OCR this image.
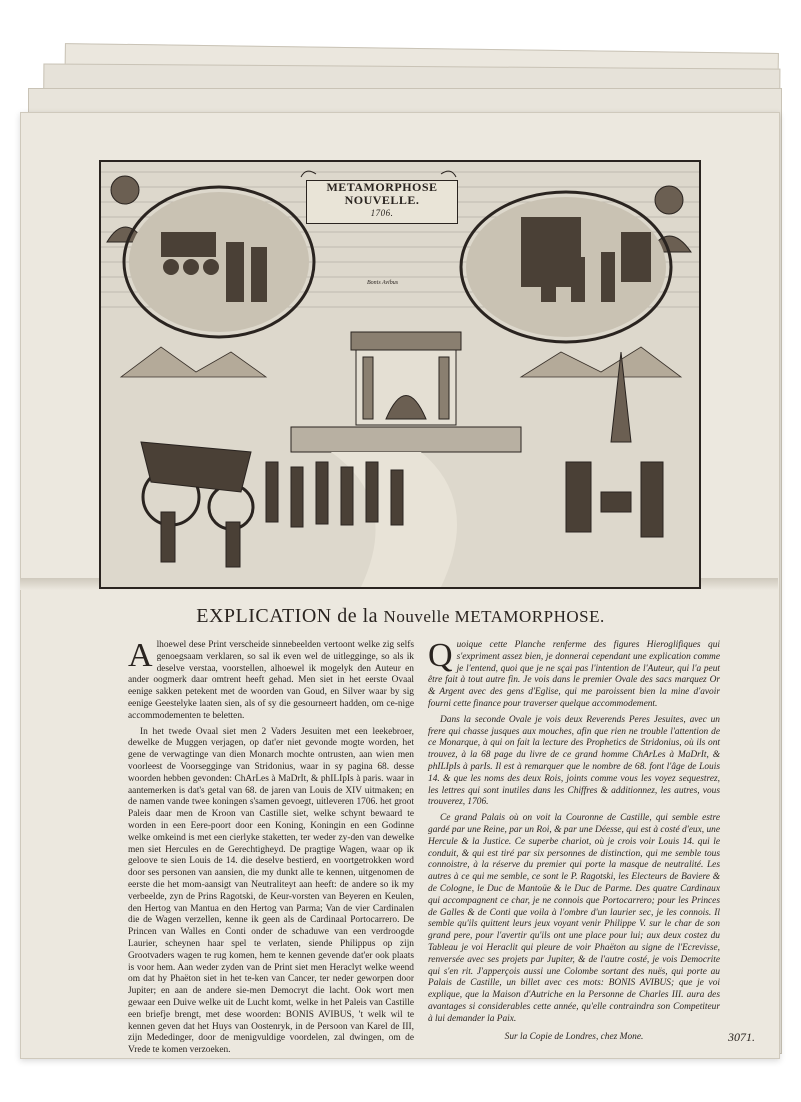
METAMORPHOSE
NOUVELLE.
1706.
Bonis Avibus
EXPLICATION de la Nouvelle METAMORPHOSE.

Alhoewel dese Print verscheide sinnebeelden vertoont welke zig selfs genoegsaam verklaren, so sal ik even wel de uitlegginge, so als ik deselve verstaa, voorstellen, alhoewel ik mogelyk den Auteur en ander oogmerk daar omtrent heeft gehad. Men siet in het eerste Ovaal eenige sakken petekent met de woorden van Goud, en Silver waar by sig eenige Geestelyke laaten sien, als of sy die gesourneert hadden, om ce-nige accommodementen te beletten.

In het twede Ovaal siet men 2 Vaders Jesuiten met een leekebroer, dewelke de Muggen verjagen, op dat'er niet gevonde mogte worden, het gene de verwagtinge van dien Monarch mochte ontrusten, aan wien men voorleest de Voorsegginge van Stridonius, waar in sy pagina 68. desse woorden hebben gevonden: ChArLes à MaDrIt, & phILIpIs à paris. waar in aantemerken is dat's getal van 68. de jaren van Louis de XIV uitmaken; en de namen vande twee koningen s'samen gevoegt, uitleveren 1706. het groot Paleis daar men de Kroon van Castille siet, welke schynt bewaard te worden in een Eere-poort door een Koning, Koningin en een Godinne welke omkeind is met een cierlyke staketten, ter weder zy-den van dewelke men siet Hercules en de Gerechtigheyd. De pragtige Wagen, waar op ik geloove te sien Louis de 14. die deselve bestierd, en voortgetrokken word door ses personen van aansien, die my dunkt alle te kennen, uitgenomen de eerste die het mom-aansigt van Neutraliteyt aan heeft: de andere so ik my verbeelde, zyn de Prins Ragotski, de Keur-vorsten van Beyeren en Keulen, den Hertog van Mantua en den Hertog van Parma; Van de vier Cardinalen die de Wagen verzellen, kenne ik geen als de Cardinaal Portocarrero. De Princen van Walles en Conti onder de schaduwe van een verdroogde Laurier, scheynen haar spel te verlaten, siende Philippus op zijn Grootvaders wagen te rug komen, hem te kennen gevende dat'er ook plaats is voor hem. Aan weder zyden van de Print siet men Heraclyt welke weend om dat hy Phaëton siet in het te-ken van Cancer, ter neder geworpen door Jupiter; en aan de andere sie-men Democryt die lacht. Ook wort men gewaar een Duive welke uit de Lucht komt, welke in het Paleis van Castille een briefje brengt, met dese woorden: BONIS AVIBUS, 't welk wil te kennen geven dat het Huys van Oostenryk, in de Persoon van Karel de III, zijn Mededinger, door de menigvuldige voordelen, zal dwingen, om de Vrede te komen verzoeken.

Quoique cette Planche renferme des figures Hieroglifiques qui s'expriment assez bien, je donnerai cependant une explication comme je l'entend, quoi que je ne sçai pas l'intention de l'Auteur, qui l'a peut être fait à tout autre fin. Je vois dans le premier Ovale des sacs marquez Or & Argent avec des gens d'Eglise, qui me paroissent bien la mine d'avoir fourni cette finance pour traverser quelque accommodement.

Dans la seconde Ovale je vois deux Reverends Peres Jesuites, avec un frere qui chasse jusques aux mouches, afin que rien ne trouble l'attention de ce Monarque, à qui on fait la lecture des Prophetics de Stridonius, où ils ont trouvez, à la 68 page du livre de ce grand homme ChArLes à MaDrIt, & phILIpIs à parIs. Il est à remarquer que le nombre de 68. font l'âge de Louis 14. & que les noms des deux Rois, joints comme vous les voyez sequestrez, les lettres qui sont inutiles dans les Chiffres & additionnez, les autres, vous trouverez, 1706.

Ce grand Palais où on voit la Couronne de Castille, qui semble estre gardé par une Reine, par un Roi, & par une Déesse, qui est à costé d'eux, une Hercule & la Justice. Ce superbe chariot, où je crois voir Louis 14. qui le conduit, & qui est tiré par six personnes de distinction, qui me semble tous connoistre, à la réserve du premier qui porte la masque de neutralité. Les autres à ce qui me semble, ce sont le P. Ragotski, les Electeurs de Baviere & de Cologne, le Duc de Mantoüe & le Duc de Parme. Des quatre Cardinaux qui accompagnent ce char, je ne connois que Portocarrero; pour les Princes de Galles & de Conti que voila à l'ombre d'un laurier sec, je les connois. Il semble qu'ils quittent leurs jeux voyant venir Philippe V. sur le char de son grand pere, pour l'avertir qu'ils ont une place pour lui; aux deux costez du Tableau je voi Heraclit qui pleure de voir Phaëton au signe de l'Ecrevisse, renversée avec ses projets par Jupiter, & de l'autre costé, je vois Democrite qui s'en rit. J'apperçois aussi une Colombe sortant des nuës, qui porte au Palais de Castille, un billet avec ces mots: BONIS AVIBUS; que je voi explique, que la Maison d'Autriche en la Personne de Charles III. aura des avantages si considerables cette année, qu'elle contraindra son Competiteur à lui demander la Paix.

Sur la Copie de Londres, chez Mone.	3071.
